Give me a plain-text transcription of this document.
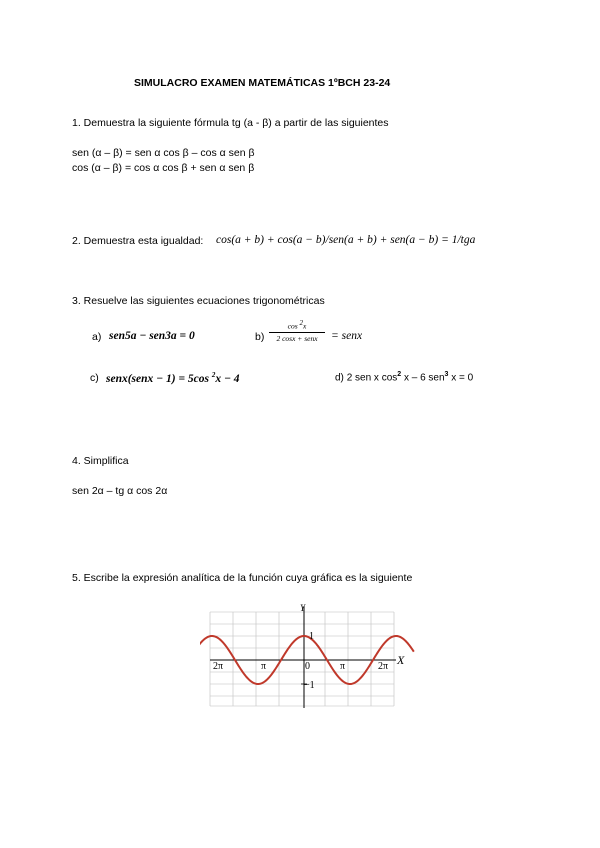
SIMULACRO EXAMEN MATEMÁTICAS 1ºBCH 23-24
1. Demuestra la siguiente fórmula tg (a - β) a partir de las siguientes
sen (α – β) = sen α cos β – cos α sen β
cos (α – β) = cos α cos β + sen α sen β
2. Demuestra esta igualdad: cos(a + b) + cos(a − b)/sen(a + b) + sen(a − b) = 1/tga
3. Resuelve las siguientes ecuaciones trigonométricas
a) sen5a − sen3a = 0	b)
cos $^2$x
2 cosx + senx	= senx
c) senx(senx − 1) = 5cos $^2$x − 4	d) 2 sen x $\cos^2 x - 6$ sen$^3$ x = 0
4. Simplifica
sen 2α – tg α cos 2α
5. Escribe la expresión analítica de la función cuya gráfica es la siguiente
Y
X
2π	π	0	π	2π
1
−1
